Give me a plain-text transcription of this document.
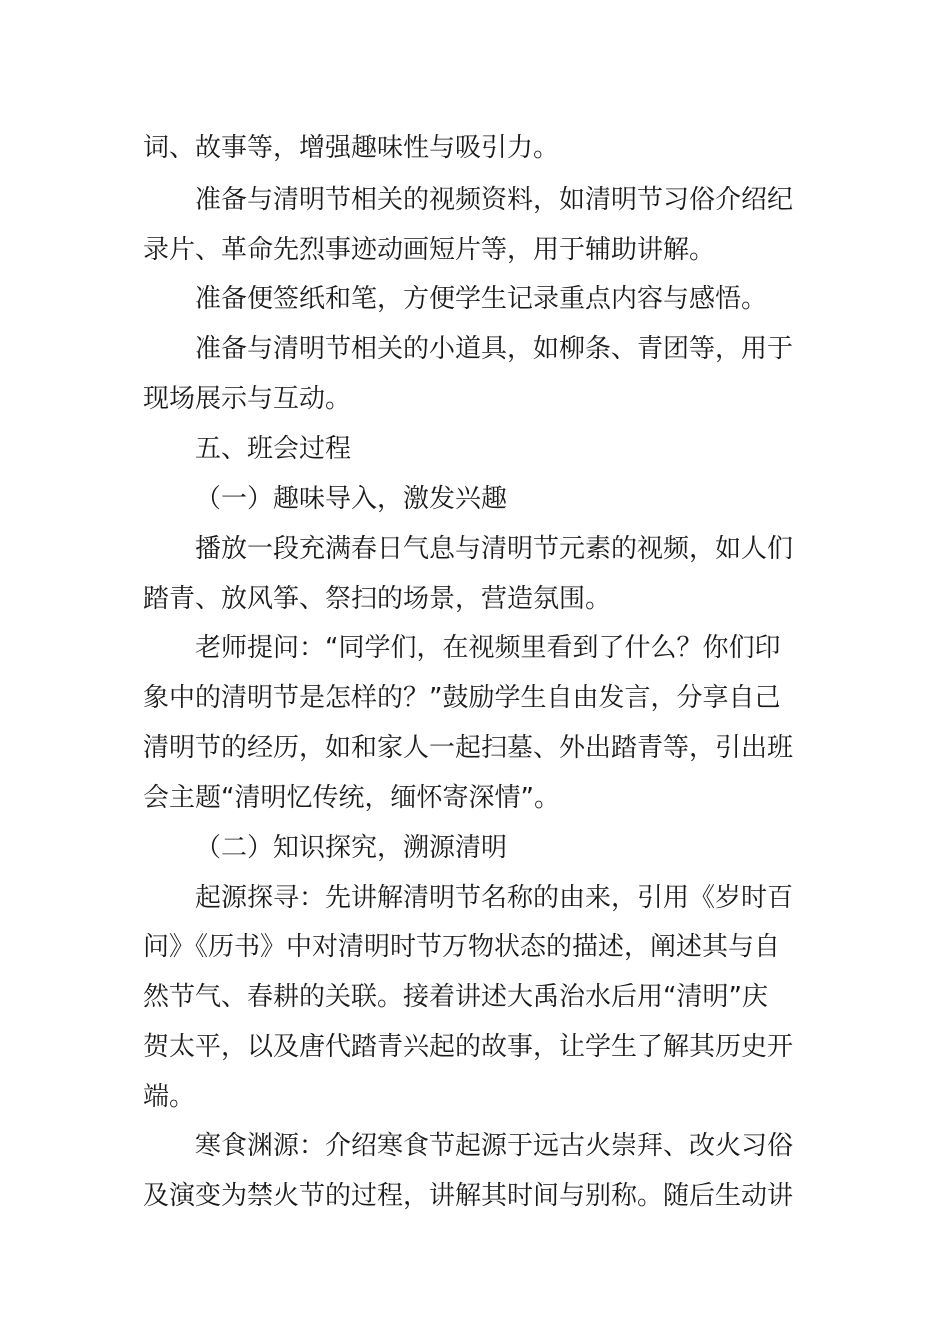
词、故事等，增强趣味性与吸引力。
准备与清明节相关的视频资料，如清明节习俗介绍纪
录片、革命先烈事迹动画短片等，用于辅助讲解。
准备便签纸和笔，方便学生记录重点内容与感悟。
准备与清明节相关的小道具，如柳条、青团等，用于
现场展示与互动。
五、班会过程
（一）趣味导入，激发兴趣
播放一段充满春日气息与清明节元素的视频，如人们
踏青、放风筝、祭扫的场景，营造氛围。
老师提问：“同学们，在视频里看到了什么？你们印
象中的清明节是怎样的？”鼓励学生自由发言，分享自己
清明节的经历，如和家人一起扫墓、外出踏青等，引出班
会主题“清明忆传统，缅怀寄深情”。
（二）知识探究，溯源清明
起源探寻：先讲解清明节名称的由来，引用《岁时百
问》《历书》中对清明时节万物状态的描述，阐述其与自
然节气、春耕的关联。接着讲述大禹治水后用“清明”庆
贺太平，以及唐代踏青兴起的故事，让学生了解其历史开
端。
寒食渊源：介绍寒食节起源于远古火崇拜、改火习俗
及演变为禁火节的过程，讲解其时间与别称。随后生动讲
